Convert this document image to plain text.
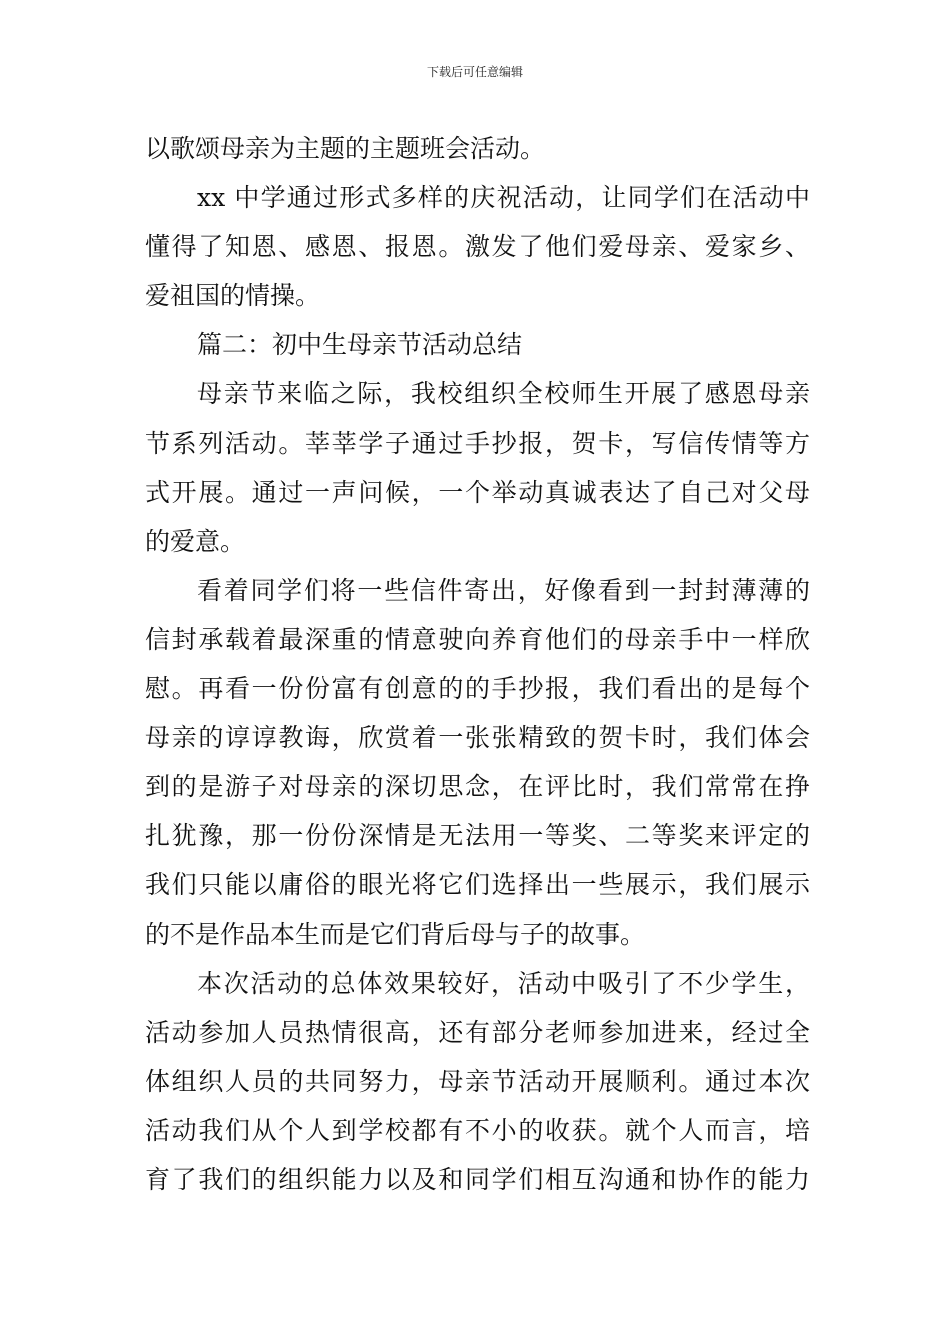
下载后可任意编辑
以歌颂母亲为主题的主题班会活动。
xx 中学通过形式多样的庆祝活动，让同学们在活动中
懂得了知恩、感恩、报恩。激发了他们爱母亲、爱家乡、
爱祖国的情操。
篇二：初中生母亲节活动总结
母亲节来临之际，我校组织全校师生开展了感恩母亲
节系列活动。莘莘学子通过手抄报，贺卡，写信传情等方
式开展。通过一声问候，一个举动真诚表达了自己对父母
的爱意。
看着同学们将一些信件寄出，好像看到一封封薄薄的
信封承载着最深重的情意驶向养育他们的母亲手中一样欣
慰。再看一份份富有创意的的手抄报，我们看出的是每个
母亲的谆谆教诲，欣赏着一张张精致的贺卡时，我们体会
到的是游子对母亲的深切思念，在评比时，我们常常在挣
扎犹豫，那一份份深情是无法用一等奖、二等奖来评定的
我们只能以庸俗的眼光将它们选择出一些展示，我们展示
的不是作品本生而是它们背后母与子的故事。
本次活动的总体效果较好，活动中吸引了不少学生，
活动参加人员热情很高，还有部分老师参加进来，经过全
体组织人员的共同努力，母亲节活动开展顺利。通过本次
活动我们从个人到学校都有不小的收获。就个人而言，培
育了我们的组织能力以及和同学们相互沟通和协作的能力
